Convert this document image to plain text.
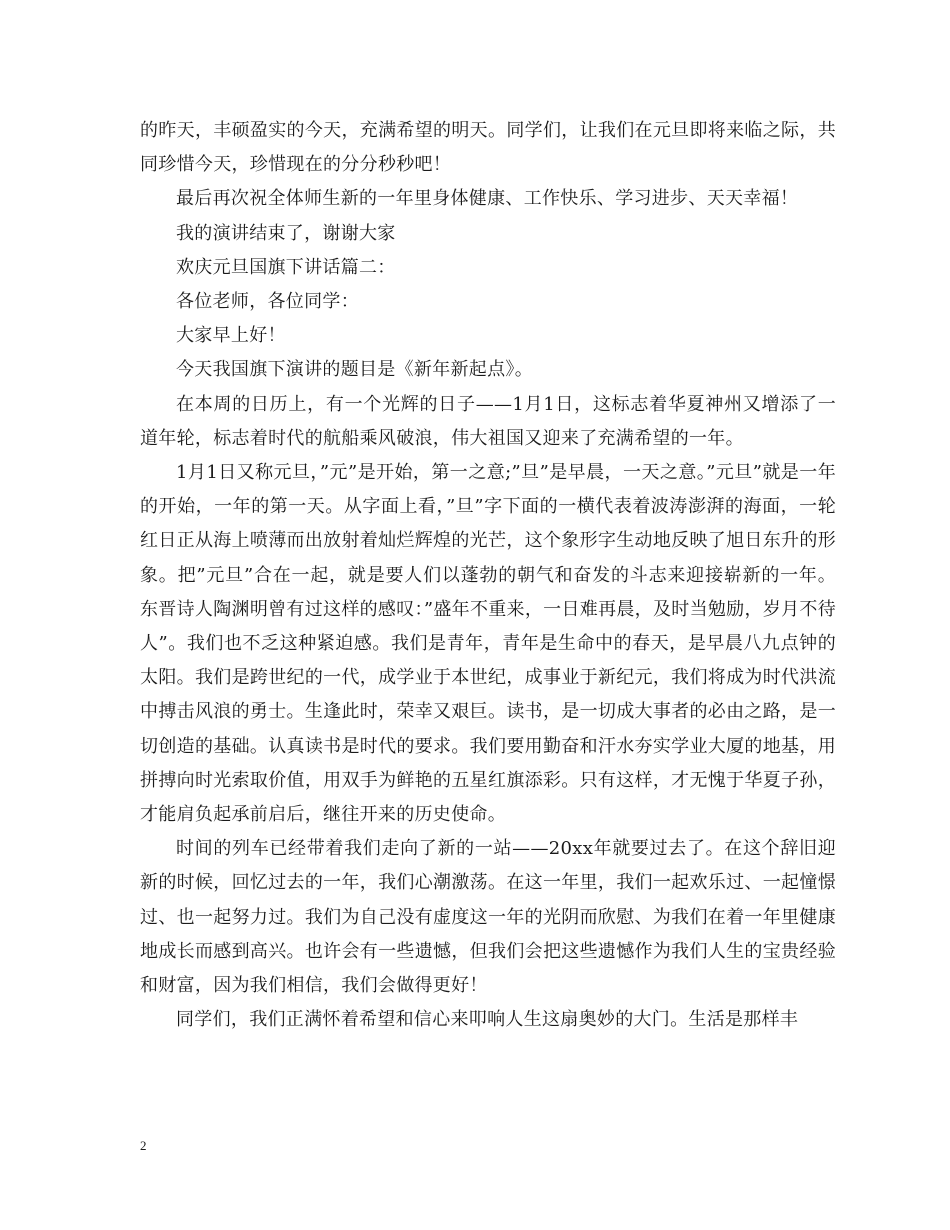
的昨天，丰硕盈实的今天，充满希望的明天。同学们，让我们在元旦即将来临之际，共同珍惜今天，珍惜现在的分分秒秒吧！

最后再次祝全体师生新的一年里身体健康、工作快乐、学习进步、天天幸福！

我的演讲结束了，谢谢大家

欢庆元旦国旗下讲话篇二：

各位老师，各位同学：

大家早上好！

今天我国旗下演讲的题目是《新年新起点》。

在本周的日历上，有一个光辉的日子——1月1日，这标志着华夏神州又增添了一道年轮，标志着时代的航船乘风破浪，伟大祖国又迎来了充满希望的一年。

1月1日又称元旦，”元”是开始，第一之意;”旦”是早晨，一天之意。”元旦”就是一年的开始，一年的第一天。从字面上看，”旦”字下面的一横代表着波涛澎湃的海面，一轮红日正从海上喷薄而出放射着灿烂辉煌的光芒，这个象形字生动地反映了旭日东升的形象。把”元旦”合在一起，就是要人们以蓬勃的朝气和奋发的斗志来迎接崭新的一年。 东晋诗人陶渊明曾有过这样的感叹：”盛年不重来，一日难再晨，及时当勉励，岁月不待人”。我们也不乏这种紧迫感。我们是青年，青年是生命中的春天，是早晨八九点钟的太阳。我们是跨世纪的一代，成学业于本世纪，成事业于新纪元，我们将成为时代洪流中搏击风浪的勇士。生逢此时，荣幸又艰巨。读书，是一切成大事者的必由之路，是一切创造的基础。认真读书是时代的要求。我们要用勤奋和汗水夯实学业大厦的地基，用拼搏向时光索取价值，用双手为鲜艳的五星红旗添彩。只有这样，才无愧于华夏子孙，才能肩负起承前启后，继往开来的历史使命。

时间的列车已经带着我们走向了新的一站——20xx年就要过去了。在这个辞旧迎新的时候，回忆过去的一年，我们心潮激荡。在这一年里，我们一起欢乐过、一起憧憬过、也一起努力过。我们为自己没有虚度这一年的光阴而欣慰、为我们在着一年里健康地成长而感到高兴。也许会有一些遗憾，但我们会把这些遗憾作为我们人生的宝贵经验和财富，因为我们相信，我们会做得更好！

同学们，我们正满怀着希望和信心来叩响人生这扇奥妙的大门。生活是那样丰

2
